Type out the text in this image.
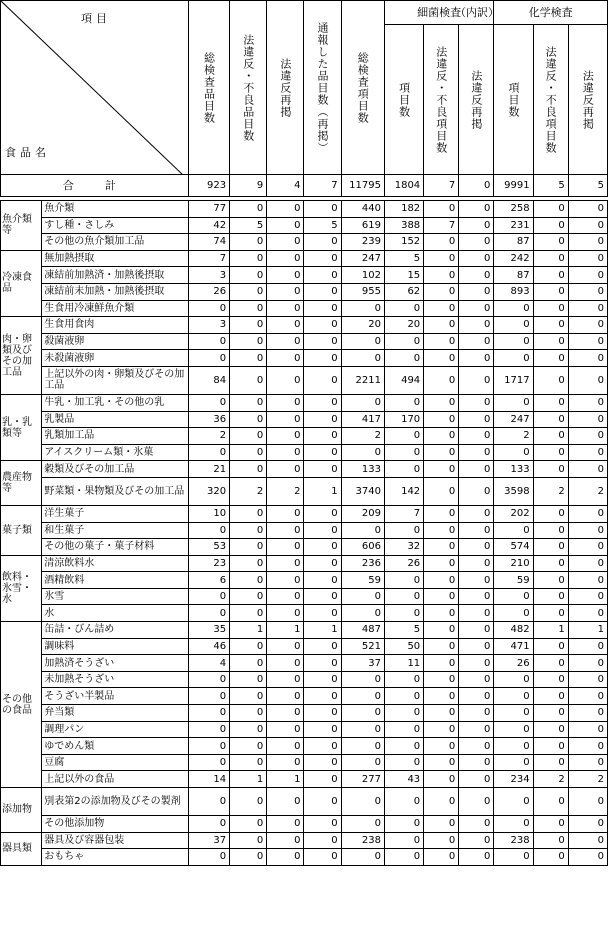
項目
食品名		総検査品目数	法違反・不良品目数	法違反再掲	通報した品目数（再掲）	総検査項目数	細菌検査			化学検査		

							項目数	法違反・不良項目数	法違反再掲	項目数	法違反・不良項目数	法違反再掲

合　計		923	9	4	7	11795	1804	7	0	9991	5	5

魚介類等	魚介類	77	0	0	0	440	182	0	0	258	0	0
	すし種・さしみ	42	5	0	5	619	388	7	0	231	0	0
	その他の魚介類加工品	74	0	0	0	239	152	0	0	87	0	0
冷凍食品	無加熱摂取	7	0	0	0	247	5	0	0	242	0	0
	凍結前加熱済・加熱後摂取	3	0	0	0	102	15	0	0	87	0	0
	凍結前未加熱・加熱後摂取	26	0	0	0	955	62	0	0	893	0	0
	生食用冷凍鮮魚介類	0	0	0	0	0	0	0	0	0	0	0
肉・卵類及びその加工品	生食用食肉	3	0	0	0	20	20	0	0	0	0	0
	殺菌液卵	0	0	0	0	0	0	0	0	0	0	0
	未殺菌液卵	0	0	0	0	0	0	0	0	0	0	0
	上記以外の肉・卵類及びその加工品	84	0	0	0	2211	494	0	0	1717	0	0
乳・乳類等	牛乳・加工乳・その他の乳	0	0	0	0	0	0	0	0	0	0	0
	乳製品	36	0	0	0	417	170	0	0	247	0	0
	乳類加工品	2	0	0	0	2	0	0	0	2	0	0
	アイスクリーム類・氷菓	0	0	0	0	0	0	0	0	0	0	0
農産物等	穀類及びその加工品	21	0	0	0	133	0	0	0	133	0	0
	野菜類・果物類及びその加工品	320	2	2	1	3740	142	0	0	3598	2	2
菓子類	洋生菓子	10	0	0	0	209	7	0	0	202	0	0
	和生菓子	0	0	0	0	0	0	0	0	0	0	0
	その他の菓子・菓子材料	53	0	0	0	606	32	0	0	574	0	0
飲料・氷雪・水	清涼飲料水	23	0	0	0	236	26	0	0	210	0	0
	酒精飲料	6	0	0	0	59	0	0	0	59	0	0
	氷雪	0	0	0	0	0	0	0	0	0	0	0
	水	0	0	0	0	0	0	0	0	0	0	0
その他の食品	缶詰・びん詰め	35	1	1	1	487	5	0	0	482	1	1
	調味料	46	0	0	0	521	50	0	0	471	0	0
	加熱済そうざい	4	0	0	0	37	11	0	0	26	0	0
	未加熱そうざい	0	0	0	0	0	0	0	0	0	0	0
	そうざい半製品	0	0	0	0	0	0	0	0	0	0	0
	弁当類	0	0	0	0	0	0	0	0	0	0	0
	調理パン	0	0	0	0	0	0	0	0	0	0	0
	ゆでめん類	0	0	0	0	0	0	0	0	0	0	0
	豆腐	0	0	0	0	0	0	0	0	0	0	0
	上記以外の食品	14	1	1	0	277	43	0	0	234	2	2
添加物	別表第2の添加物及びその製剤	0	0	0	0	0	0	0	0	0	0	0
	その他添加物	0	0	0	0	0	0	0	0	0	0	0
器具類	器具及び容器包装	37	0	0	0	238	0	0	0	238	0	0
	おもちゃ	0	0	0	0	0	0	0	0	0	0	0
（内訳）
